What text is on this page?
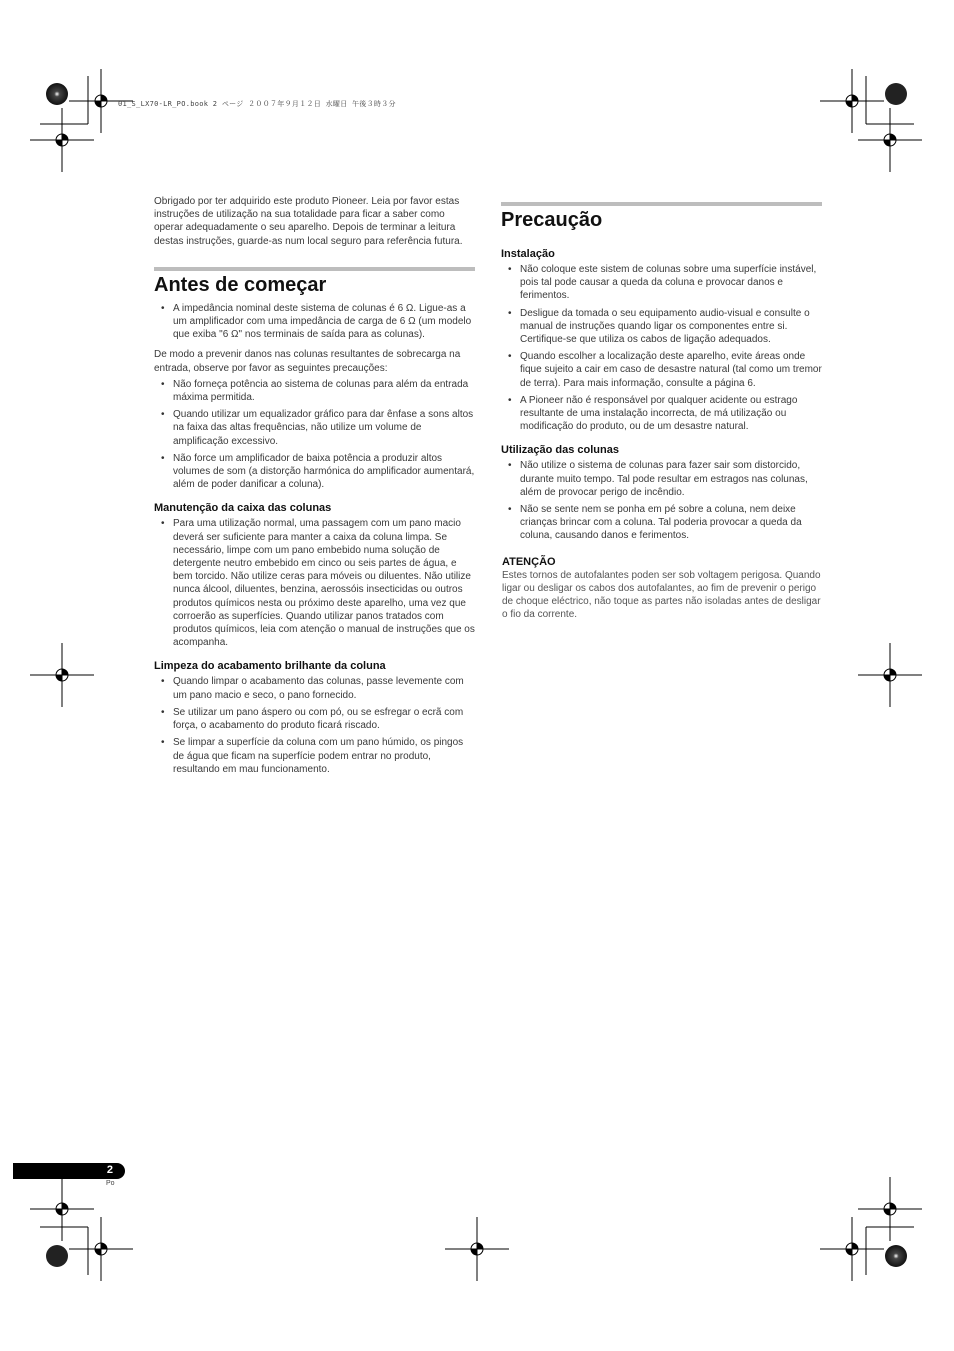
01_S_LX70-LR_PO.book 2 ページ ２００７年９月１２日 水曜日 午後３時３分

Obrigado por ter adquirido este produto Pioneer. Leia por favor estas instruções de utilização na sua totalidade para ficar a saber como operar adequadamente o seu aparelho. Depois de terminar a leitura destas instruções, guarde-as num local seguro para referência futura.

Antes de começar
• A impedância nominal deste sistema de colunas é 6 Ω. Ligue-as a um amplificador com uma impedância de carga de 6 Ω (um modelo que exiba "6 Ω" nos terminais de saída para as colunas).

De modo a prevenir danos nas colunas resultantes de sobrecarga na entrada, observe por favor as seguintes precauções:

• Não forneça potência ao sistema de colunas para além da entrada máxima permitida.
• Quando utilizar um equalizador gráfico para dar ênfase a sons altos na faixa das altas frequências, não utilize um volume de amplificação excessivo.
• Não force um amplificador de baixa potência a produzir altos volumes de som (a distorção harmónica do amplificador aumentará, além de poder danificar a coluna).
Manutenção da caixa das colunas
• Para uma utilização normal, uma passagem com um pano macio deverá ser suficiente para manter a caixa da coluna limpa. Se necessário, limpe com um pano embebido numa solução de detergente neutro embebido em cinco ou seis partes de água, e bem torcido. Não utilize ceras para móveis ou diluentes. Não utilize nunca álcool, diluentes, benzina, aerossóis insecticidas ou outros produtos químicos nesta ou próximo deste aparelho, uma vez que corroerão as superfícies. Quando utilizar panos tratados com produtos químicos, leia com atenção o manual de instruções que os acompanha.
Limpeza do acabamento brilhante da coluna
• Quando limpar o acabamento das colunas, passe levemente com um pano macio e seco, o pano fornecido.
• Se utilizar um pano áspero ou com pó, ou se esfregar o ecrã com força, o acabamento do produto ficará riscado.
• Se limpar a superfície da coluna com um pano húmido, os pingos de água que ficam na superfície podem entrar no produto, resultando em mau funcionamento.
Precaução
Instalação
• Não coloque este sistem de colunas sobre uma superfície instável, pois tal pode causar a queda da coluna e provocar danos e ferimentos.
• Desligue da tomada o seu equipamento audio-visual e consulte o manual de instruções quando ligar os componentes entre si. Certifique-se que utiliza os cabos de ligação adequados.
• Quando escolher a localização deste aparelho, evite áreas onde fique sujeito a cair em caso de desastre natural (tal como um tremor de terra). Para mais informação, consulte a página 6.
• A Pioneer não é responsável por qualquer acidente ou estrago resultante de uma instalação incorrecta, de má utilização ou modificação do produto, ou de um desastre natural.
Utilização das colunas
• Não utilize o sistema de colunas para fazer sair som distorcido, durante muito tempo. Tal pode resultar em estragos nas colunas, além de provocar perigo de incêndio.
• Não se sente nem se ponha em pé sobre a coluna, nem deixe crianças brincar com a coluna. Tal poderia provocar a queda da coluna, causando danos e ferimentos.
ATENÇÃO

Estes tornos de autofalantes poden ser sob voltagem perigosa. Quando ligar ou desligar os cabos dos autofalantes, ao fim de prevenir o perigo de choque eléctrico, não toque as partes não isoladas antes de desligar o fio da corrente.

2
Po
